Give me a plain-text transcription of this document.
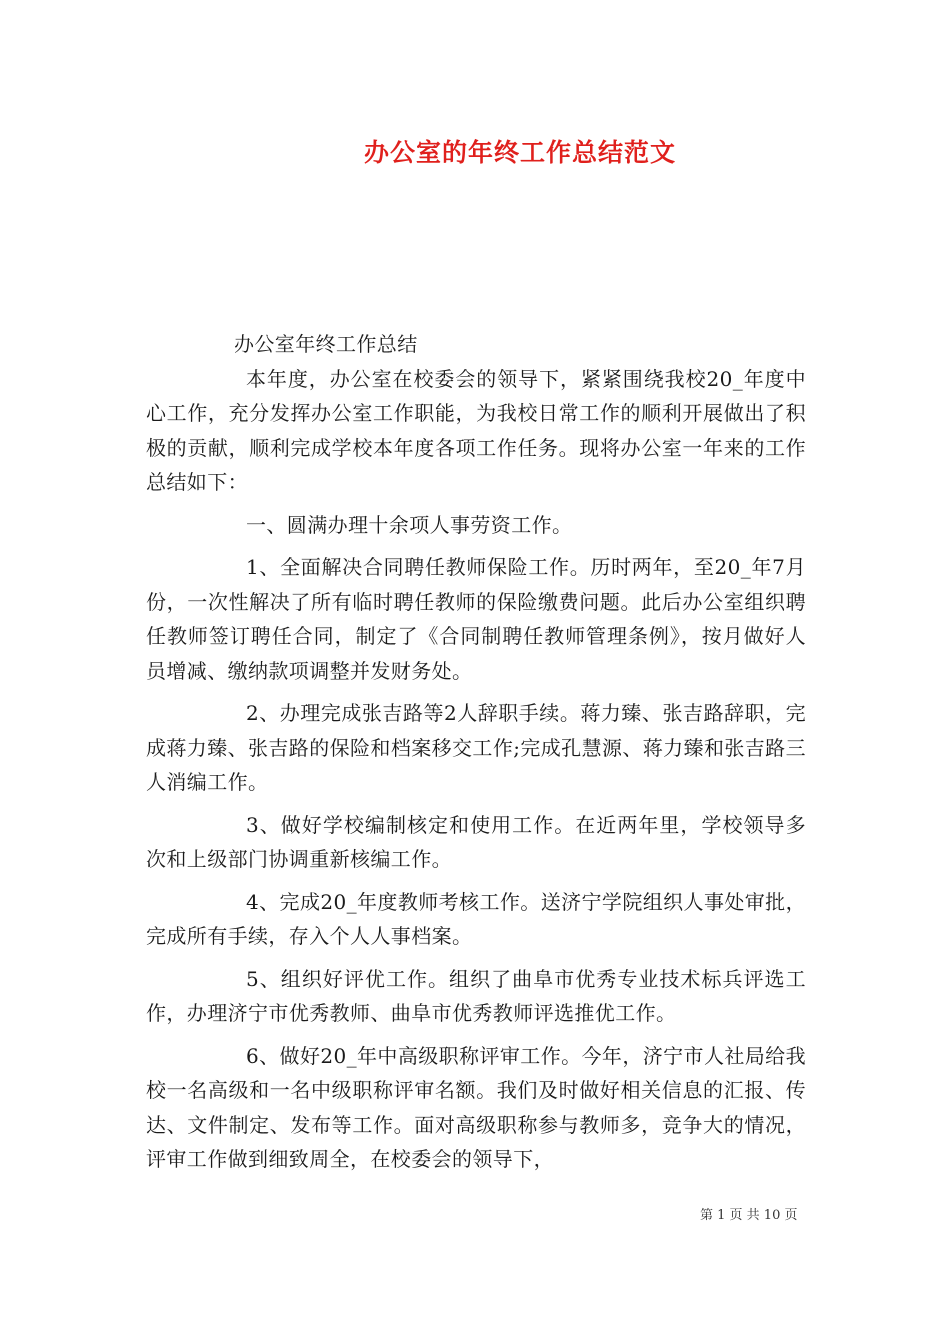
办公室的年终工作总结范文

办公室年终工作总结

本年度，办公室在校委会的领导下，紧紧围绕我校20_年度中心工作，充分发挥办公室工作职能，为我校日常工作的顺利开展做出了积极的贡献，顺利完成学校本年度各项工作任务。现将办公室一年来的工作总结如下：

一、圆满办理十余项人事劳资工作。

1、全面解决合同聘任教师保险工作。历时两年，至20_年7月份，一次性解决了所有临时聘任教师的保险缴费问题。此后办公室组织聘任教师签订聘任合同，制定了《合同制聘任教师管理条例》，按月做好人员增减、缴纳款项调整并发财务处。

2、办理完成张吉路等2人辞职手续。蒋力臻、张吉路辞职，完成蒋力臻、张吉路的保险和档案移交工作;完成孔慧源、蒋力臻和张吉路三人消编工作。

3、做好学校编制核定和使用工作。在近两年里，学校领导多次和上级部门协调重新核编工作。

4、完成20_年度教师考核工作。送济宁学院组织人事处审批，完成所有手续，存入个人人事档案。

5、组织好评优工作。组织了曲阜市优秀专业技术标兵评选工作，办理济宁市优秀教师、曲阜市优秀教师评选推优工作。

6、做好20_年中高级职称评审工作。今年，济宁市人社局给我校一名高级和一名中级职称评审名额。我们及时做好相关信息的汇报、传达、文件制定、发布等工作。面对高级职称参与教师多，竞争大的情况，评审工作做到细致周全，在校委会的领导下，

第 1 页 共 10 页
